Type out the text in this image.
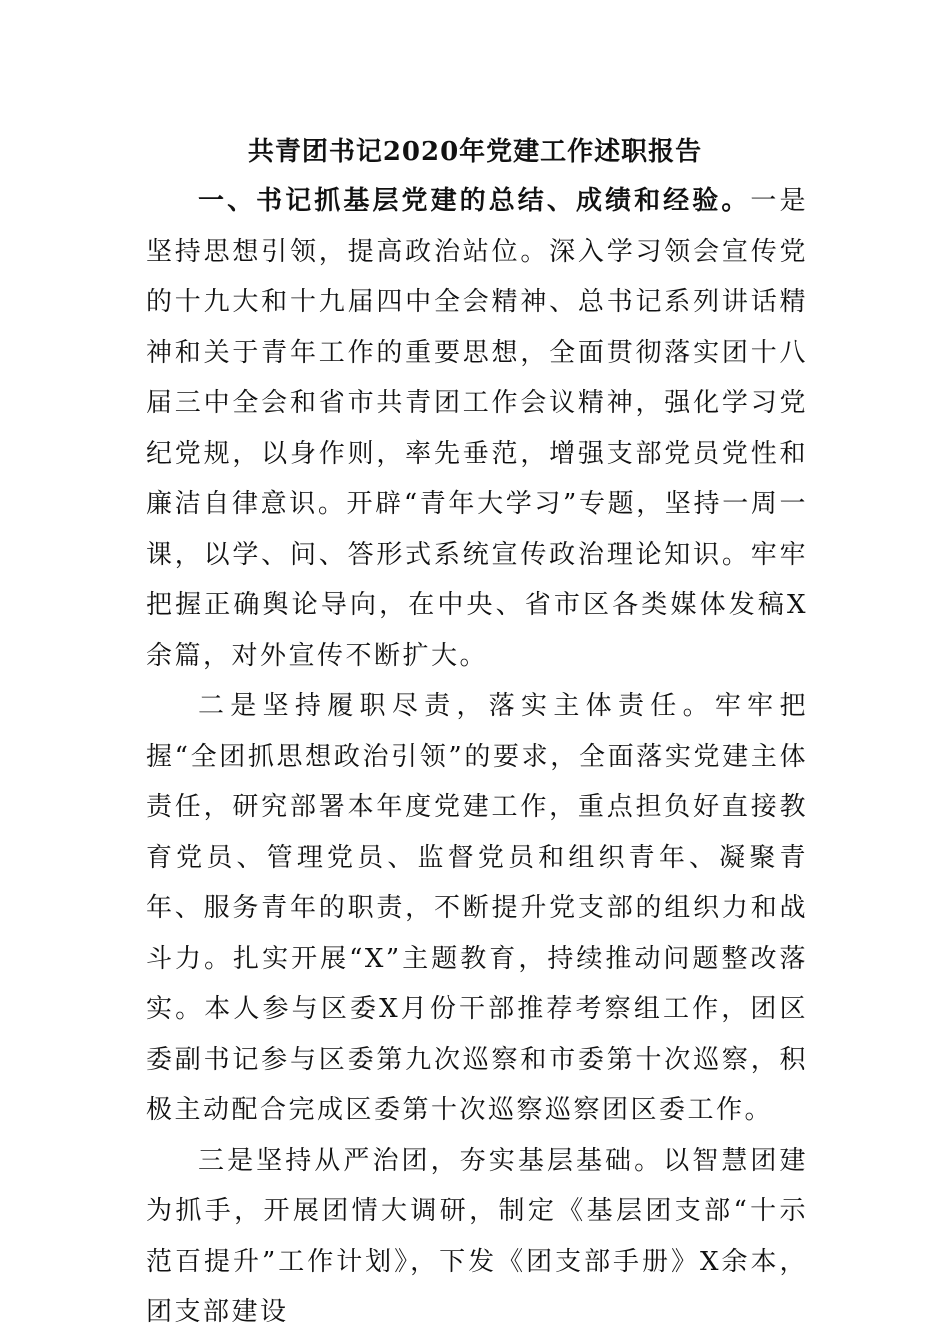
共青团书记2020年党建工作述职报告

一、书记抓基层党建的总结、成绩和经验。一是坚持思想引领，提高政治站位。深入学习领会宣传党的十九大和十九届四中全会精神、总书记系列讲话精神和关于青年工作的重要思想，全面贯彻落实团十八届三中全会和省市共青团工作会议精神，强化学习党纪党规，以身作则，率先垂范，增强支部党员党性和廉洁自律意识。开辟“青年大学习”专题，坚持一周一课，以学、问、答形式系统宣传政治理论知识。牢牢把握正确舆论导向，在中央、省市区各类媒体发稿X余篇，对外宣传不断扩大。

二是坚持履职尽责，落实主体责任。牢牢把握“全团抓思想政治引领”的要求，全面落实党建主体责任，研究部署本年度党建工作，重点担负好直接教育党员、管理党员、监督党员和组织青年、凝聚青年、服务青年的职责，不断提升党支部的组织力和战斗力。扎实开展“X”主题教育，持续推动问题整改落实。本人参与区委X月份干部推荐考察组工作，团区委副书记参与区委第九次巡察和市委第十次巡察，积极主动配合完成区委第十次巡察巡察团区委工作。

三是坚持从严治团，夯实基层基础。以智慧团建为抓手，开展团情大调研，制定《基层团支部“十示范百提升”工作计划》，下发《团支部手册》X余本，团支部建设
